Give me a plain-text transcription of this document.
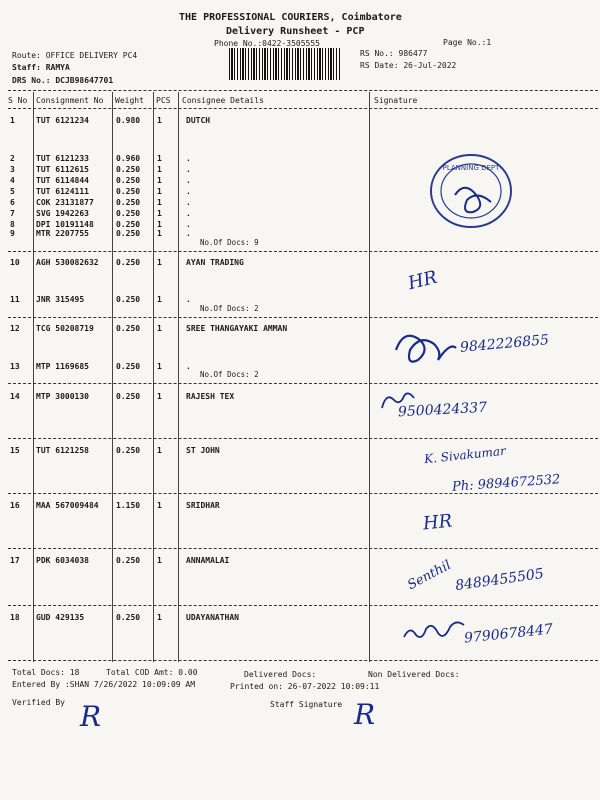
THE PROFESSIONAL COURIERS, Coimbatore
Delivery Runsheet - PCP
Phone No.:0422-3505555	Page No.:1
Route: OFFICE DELIVERY PC4
Staff: RAMYA
DRS No.: DCJB98647701
RS No.: 986477
RS Date: 26-Jul-2022
S No Consignment No Weight PCS Consignee Details	Signature
1	TUT 6121234	0.980 1	DUTCH
2	TUT 6121233	0.960 1	.
3	TUT 6112615	0.250 1	.
4	TUT 6114844	0.250 1	.
5	TUT 6124111	0.250 1	.
6	COK 23131877	0.250 1	.
7	SVG 1942263	0.250 1	.
8	DPI 10191148	0.250 1	.
9	MTR 2207755	0.250 1	.
10 AGH 530082632 0.250 1	AYAN TRADING
11 JNR 315495	0.250 1	.
12 TCG 50208719	0.250 1	SREE THANGAYAKI AMMAN
13 MTP 1169685	0.250 1	.
14 MTP 3000130	0.250 1	RAJESH TEX
15 TUT 6121258	0.250 1	ST JOHN
16 MAA 567009484 1.150 1	SRIDHAR
17 PDK 6034038	0.250 1	ANNAMALAI
18 GUD 429135	0.250 1	UDAYANATHAN
No.Of Docs: 9
No.Of Docs: 2
No.Of Docs: 2
PLANNING DEPT
HR
9842226855
9500424337
K. Sivakumar
Ph: 9894672532
HR
Senthil 8489455505
9790678447
Total Docs: 18	Total COD Amt: 0.00	Delivered Docs:	Non Delivered Docs:
Entered By :SHAN 7/26/2022 10:09:09 AM	Printed on: 26-07-2022 10:09:11
Verified By	Staff Signature
R	R
